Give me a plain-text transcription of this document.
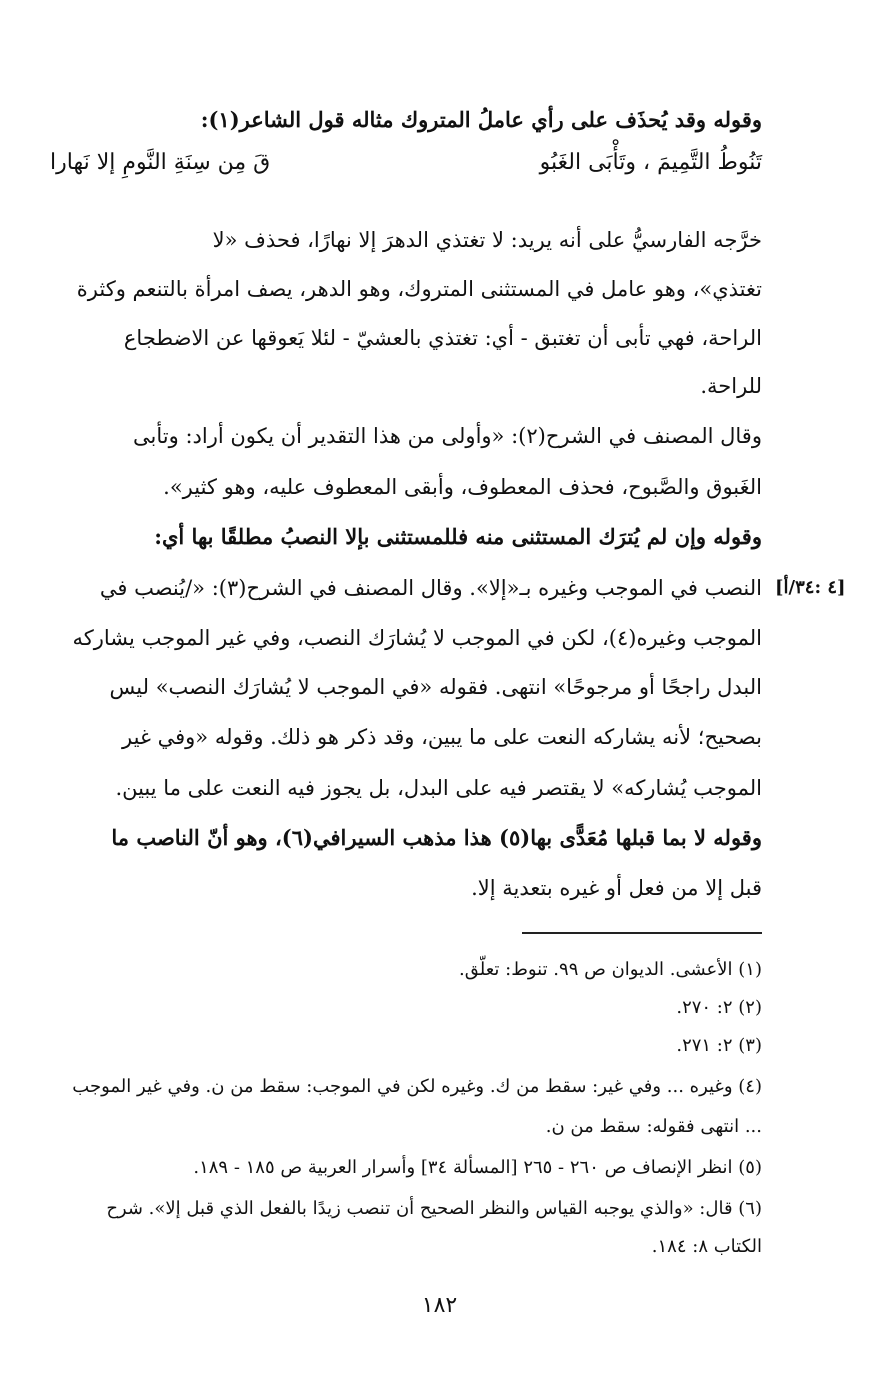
وقوله وقد يُحذَف على رأي عاملُ المتروك مثاله قول الشاعر(١):
تَنُوطُ التَّمِيمَ ، وتَأْبَى الغَبُو
قَ مِن سِنَةِ النَّومِ إلا نَهارا
خرَّجه الفارسيُّ على أنه يريد: لا تغتذي الدهرَ إلا نهارًا، فحذف «لا
تغتذي»، وهو عامل في المستثنى المتروك، وهو الدهر، يصف امرأة بالتنعم وكثرة
الراحة، فهي تأبى أن تغتبق - أي: تغتذي بالعشيّ - لئلا يَعوقها عن الاضطجاع
للراحة.
وقال المصنف في الشرح(٢): «وأولى من هذا التقدير أن يكون أراد: وتأبى
الغَبوق والصَّبوح، فحذف المعطوف، وأبقى المعطوف عليه، وهو كثير».
وقوله وإن لم يُترَك المستثنى منه فللمستثنى بإلا النصبُ مطلقًا بها أي:
النصب في الموجب وغيره بـ«إلا». وقال المصنف في الشرح(٣): «/يُنصب في
الموجب وغيره(٤)، لكن في الموجب لا يُشارَك النصب، وفي غير الموجب يشاركه
البدل راجحًا أو مرجوحًا» انتهى. فقوله «في الموجب لا يُشارَك النصب» ليس
بصحيح؛ لأنه يشاركه النعت على ما يبين، وقد ذكر هو ذلك. وقوله «وفي غير
الموجب يُشاركه» لا يقتصر فيه على البدل، بل يجوز فيه النعت على ما يبين.
وقوله لا بما قبلها مُعَدًّى بها(٥) هذا مذهب السيرافي(٦)، وهو أنّ الناصب ما
قبل إلا من فعل أو غيره بتعدية إلا.
[٤ :٣٤/أ]
(١) الأعشى. الديوان ص ٩٩. تنوط: تعلّق.
(٢) ٢: ٢٧٠.
(٣) ٢: ٢٧١.
(٤) وغيره ... وفي غير: سقط من ك. وغيره لكن في الموجب: سقط من ن. وفي غير الموجب
... انتهى فقوله: سقط من ن.
(٥) انظر الإنصاف ص ٢٦٠ - ٢٦٥ [المسألة ٣٤] وأسرار العربية ص ١٨٥ - ١٨٩.
(٦) قال: «والذي يوجبه القياس والنظر الصحيح أن تنصب زيدًا بالفعل الذي قبل إلا». شرح
الكتاب ٨: ١٨٤.
١٨٢
